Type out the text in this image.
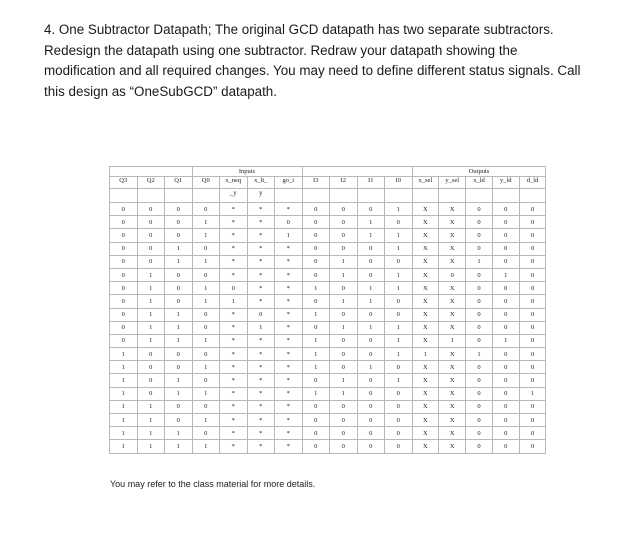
4. One Subtractor Datapath; The original GCD datapath has two separate subtractors.
Redesign the datapath using one subtractor. Redraw your datapath showing the
modification and all required changes. You may need to define different status signals. Call
this design as “OneSubGCD” datapath.
			Inputs								Outputs				
Q3	Q2	Q1	Q0	x_neq	x_lt_	go_i	I3	I2	I1	I0	x_sel	y_sel	x_ld	y_ld	d_ld
				_y	y										
0	0	0	0	*	*	*	0	0	0	1	X	X	0	0	0
0	0	0	1	*	*	0	0	0	1	0	X	X	0	0	0
0	0	0	1	*	*	1	0	0	1	1	X	X	0	0	0
0	0	1	0	*	*	*	0	0	0	1	X	X	0	0	0
0	0	1	1	*	*	*	0	1	0	0	X	X	1	0	0
0	1	0	0	*	*	*	0	1	0	1	X	0	0	1	0
0	1	0	1	0	*	*	1	0	1	1	X	X	0	0	0
0	1	0	1	1	*	*	0	1	1	0	X	X	0	0	0
0	1	1	0	*	0	*	1	0	0	0	X	X	0	0	0
0	1	1	0	*	1	*	0	1	1	1	X	X	0	0	0
0	1	1	1	*	*	*	1	0	0	1	X	1	0	1	0
1	0	0	0	*	*	*	1	0	0	1	1	X	1	0	0
1	0	0	1	*	*	*	1	0	1	0	X	X	0	0	0
1	0	1	0	*	*	*	0	1	0	1	X	X	0	0	0
1	0	1	1	*	*	*	1	1	0	0	X	X	0	0	1
1	1	0	0	*	*	*	0	0	0	0	X	X	0	0	0
1	1	0	1	*	*	*	0	0	0	0	X	X	0	0	0
1	1	1	0	*	*	*	0	0	0	0	X	X	0	0	0
1	1	1	1	*	*	*	0	0	0	0	X	X	0	0	0
You may refer to the class material for more details.
